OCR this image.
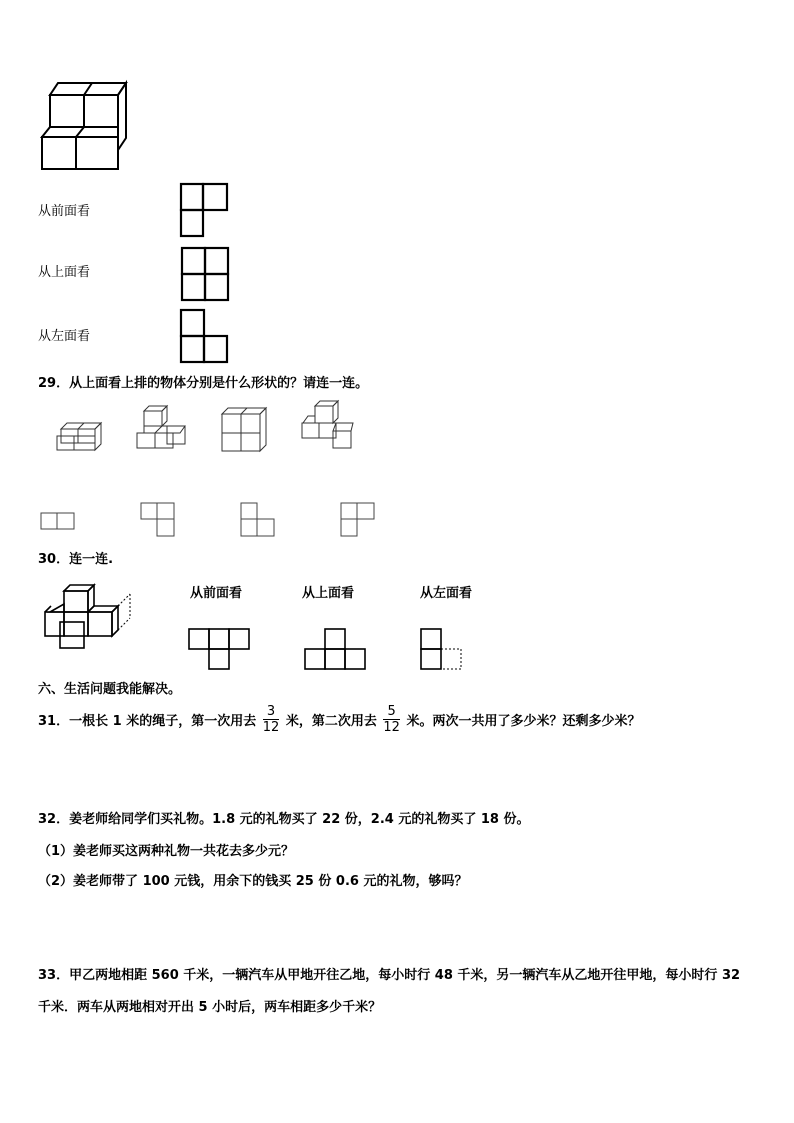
从前面看
从上面看
从左面看
29．从上面看上排的物体分别是什么形状的？请连一连。
30．连一连.
从前面看	从上面看	从左面看
六、生活问题我能解决。
31．一根长 1 米的绳子，第一次用去 $\frac{3}{12}$ 米，第二次用去 $\frac{5}{12}$ 米。两次一共用了多少米？还剩多少米？
32．姜老师给同学们买礼物。1.8 元的礼物买了 22 份，2.4 元的礼物买了 18 份。
（1）姜老师买这两种礼物一共花去多少元？
（2）姜老师带了 100 元钱，用余下的钱买 25 份 0.6 元的礼物，够吗？
33．甲乙两地相距 560 千米，一辆汽车从甲地开往乙地，每小时行 48 千米，另一辆汽车从乙地开往甲地，每小时行 32
千米．两车从两地相对开出 5 小时后，两车相距多少千米？
